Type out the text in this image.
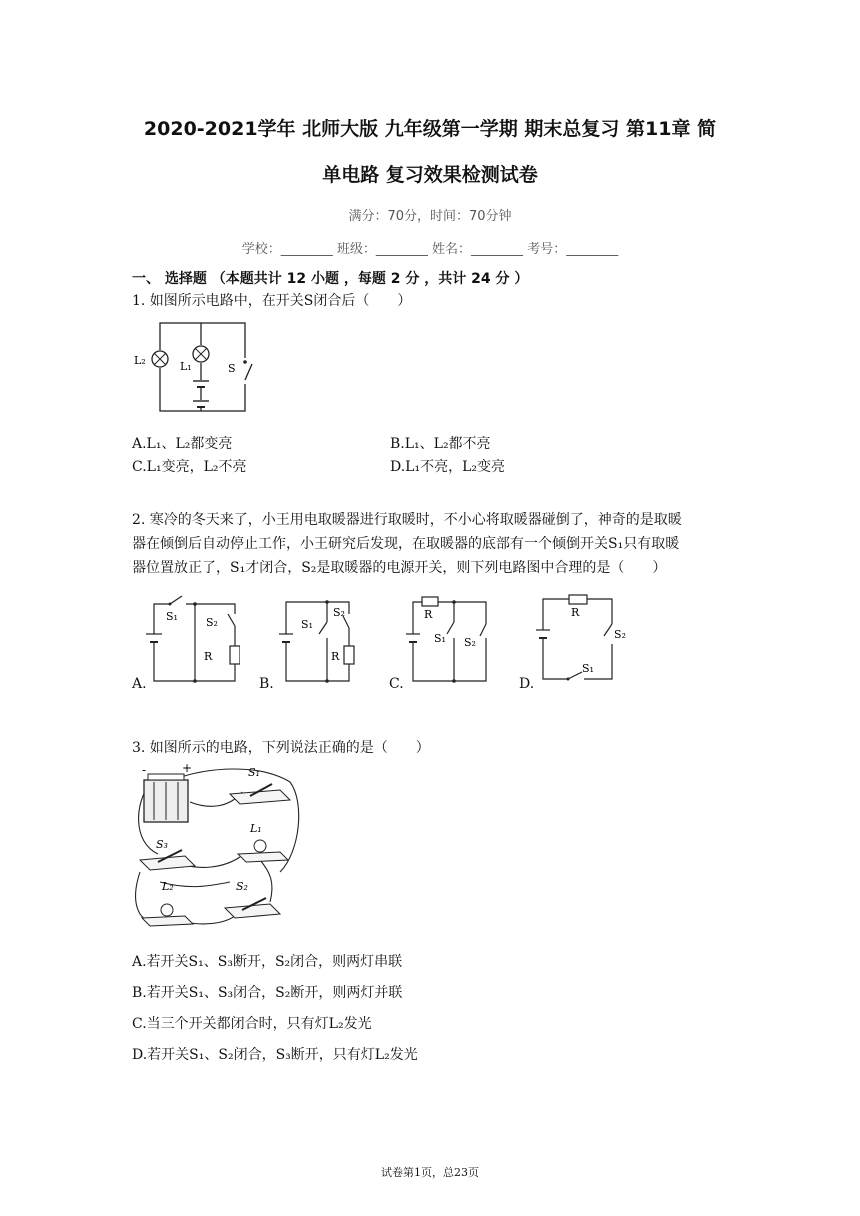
2020-2021学年 北师大版 九年级第一学期 期末总复习 第11章 简
单电路 复习效果检测试卷
满分：70分，时间：70分钟
学校：________ 班级：________ 姓名：________ 考号：________
一、 选择题 （本题共计 12 小题 ，每题 2 分 ，共计 24 分 ）
1. 如图所示电路中，在开关S闭合后（　　）
L₂	L₁	S
A.L₁、L₂都变亮	B.L₁、L₂都不亮
C.L₁变亮，L₂不亮	D.L₁不亮，L₂变亮
2. 寒冷的冬天来了，小王用电取暖器进行取暖时，不小心将取暖器碰倒了，神奇的是取暖
器在倾倒后自动停止工作，小王研究后发现，在取暖器的底部有一个倾倒开关S₁只有取暖
器位置放正了，S₁才闭合，S₂是取暖器的电源开关，则下列电路图中合理的是（　　）
S₁	S₂
R
A.
S₁
S₂
R
B.
R
S₁ S₂
C.
R
S₂
S₁
D.
3. 如图所示的电路，下列说法正确的是（　　）
-	+	S₁
L₁
S₃
S₂
L₂
A.若开关S₁、S₃断开，S₂闭合，则两灯串联
B.若开关S₁、S₃闭合，S₂断开，则两灯并联
C.当三个开关都闭合时，只有灯L₂发光
D.若开关S₁、S₂闭合，S₃断开，只有灯L₂发光
试卷第1页，总23页
